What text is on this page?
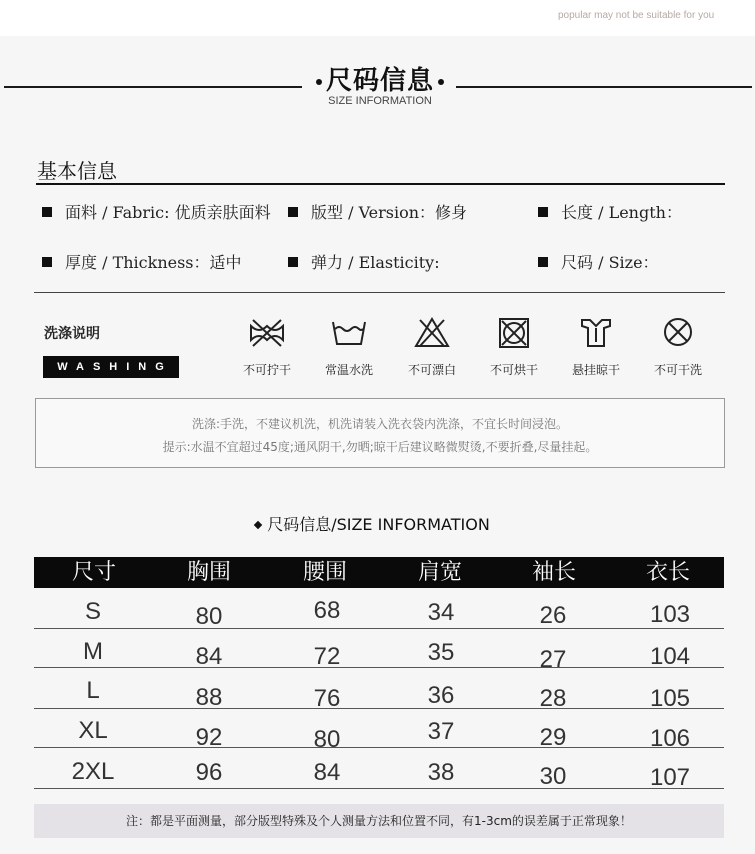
popular may not be suitable for you
尺码信息
SIZE INFORMATION
基本信息
面料 / Fabric: 优质亲肤面料	版型 / Version：修身	长度 / Length：
厚度 / Thickness：适中	弹力 / Elasticity:	尺码 / Size：
洗涤说明
WASHING	不可拧干	常温水洗	不可漂白	不可烘干	悬挂晾干	不可干洗
洗涤:手洗，不建议机洗，机洗请装入洗衣袋内洗涤，不宜长时间浸泡。
提示:水温不宜超过45度;通风阴干,勿晒;晾干后建议略微熨烫,不要折叠,尽量挂起。
尺码信息/SIZE INFORMATION
尺寸	胸围	腰围	肩宽	袖长	衣长
S	80	68	34	26	103
M	84	72	35	27	104
L	88	76	36	28	105
XL	92	80	37	29	106
2XL	96	84	38	30	107
注：都是平面测量，部分版型特殊及个人测量方法和位置不同，有1-3cm的误差属于正常现象！
